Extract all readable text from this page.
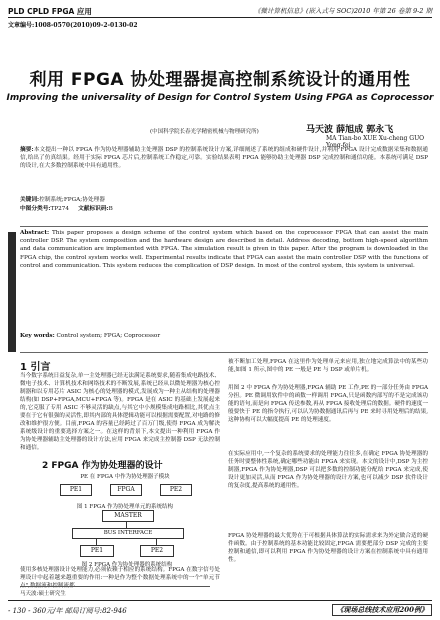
PLD CPLD FPGA 应用	《微计算机信息》(嵌入式与 SOC)2010 年第 26 卷第 9-2 期
文章编号:1008-0570(2010)09-2-0130-02
利用 FPGA 协处理器提高控制系统设计的通用性
Improving the universality of Design for Control System Using FPGA as Coprocessor
(中国科学院长春光学精密机械与物理研究所)	马天波 薛旭成 郭永飞
MA Tian-bo XUE Xu-cheng GUO Yong-fei
摘要:本文提出一种以 FPGA 作为协处理器辅助主处理器 DSP 的控制系统设计方案,详细阐述了系统的组成和硬件设计,并利用 FPGA 设计完成数据采集和数据通信,给出了仿真结果。经用于实际 FPGA 芯片后,控制系统工作稳定,可靠。实验结果表明 FPGA 能够协助主处理器 DSP 完成控制和通信功能。本系统可满足 DSP 的设计,在大多数控制系统中具有通用性。
关键词:控制系统;FPGA;协处理器
中图分类号:TP274 文献标识码:B
Abstract: This paper proposes a design scheme of the control system which based on the coprocessor FPGA that can assist the main controller DSP. The system composition and the hardware design are described in detail. Address decoding, bottom high-speed algorithm and data communication are implemented with FPGA. The simulation result is given in this paper. After the program is downloaded in the FPGA chip, the control system works well. Experimental results indicate that FPGA can assist the main controller DSP with the functions of control and communication. This system reduces the complication of DSP design. In most of the control system, this system is universal.
Key words: Control system; FPGA; Coprocessor
1 引言
当今数字系统日益复杂,单一主处理器已经无法满足系统要求,随着集成电路技术、微电子技术、计算机技术和网络技术的不断发展,系统已经从以微处理器为核心控制器和以专用芯片 ASIC 为核心的处理器的模式,发展成为一种主从结构的处理器结构(如 DSP+FPGA,MCU+FPGA 等)。FPGA 是在 ASIC 的基础上发展起来的,它克服了专用 ASIC 不够灵活的缺点,与其它中小规模集成电路相比,其优点主要在于它有很强的灵活性,即其内部的具体逻辑功能可以根据需要配置,对电路的修改和维护很方便。目前,FPGA 的容量已经跨过了百万门级,使得 FPGA 成为解决系统级设计的重要选择方案之一。在这样的背景下,本文提出一种利用 FPGA 作为协处理器辅助主处理器的设计方法,应用 FPGA 来完成主控制器 DSP 无法控制和通信。
2 FPGA 作为协处理器的设计
PE 在 FPGA 中作为协处理器子模块
PE1	FPGA	PE2
图 1 FPGA 作为协处理单元的系统结构
MASTER
BUS INTERFACE
PE1	PE2
图 2 FPGA 作为协处理器的系统结构
使用多核处理器设计处理能力,必须依赖于相应的系统结构。FPGA 在数字信号处理设计中起着越来越重要的作用:一种是作为整个数据处理系统中的一个"单元节点",数据流和控制流都
马天波:硕士研究生
被不断加工处理,FPGA 在这里作为处理单元来应用,独立地完成算法中的某些功能,如图 1 所示,图中的 PE 一般是 PE 与 DSP 或单片机。
用图 2 中 FPGA 作为协处理器,FPGA 辅助 PE 工作,PE 的一部分任务由 FPGA 分担。PE 微调用软件中的函数一样调用 FPGA,只是函数内部写的不是完成该功能的语句,而是向 FPGA 传送参数,再从 FPGA 接收处理后的数据。硬件的速度一般要快于 PE 的指令执行,可以认为协数据通讯后再与 PE 来时寻用处理后的结果,这种协构可以大幅度提高 PE 的处理速度。
在实际应用中,一个复杂的系统要求的处理能力往往多,在确定 FPGA 协处理器的任务时要整体性系统,确定哪些功能由 FPGA 来实现。本文的设计中,DSP 为主控制器,FPGA 作为协处理器,DSP 可以把多数的控制功能分配给 FPGA 来完成,使设计更加灵活,从而 FPGA 作为协处理器的设计方案,也可以减少 DSP 软件设计的复杂度,提高系统的通用性。
FPGA 协处理器的最大优势在于可根据具体算法的实际需求来为外定做合适的硬件函数。由于控制系统的基本功能比较固定,FPGA 需要把部分 DSP 完成的主要控制和通信,即可以利用 FPGA 作为协处理器的设计方案在控制系统中具有通用性。
- 130 - 360元/年 邮局订阅号:82-946	《现场总线技术应用200例》
